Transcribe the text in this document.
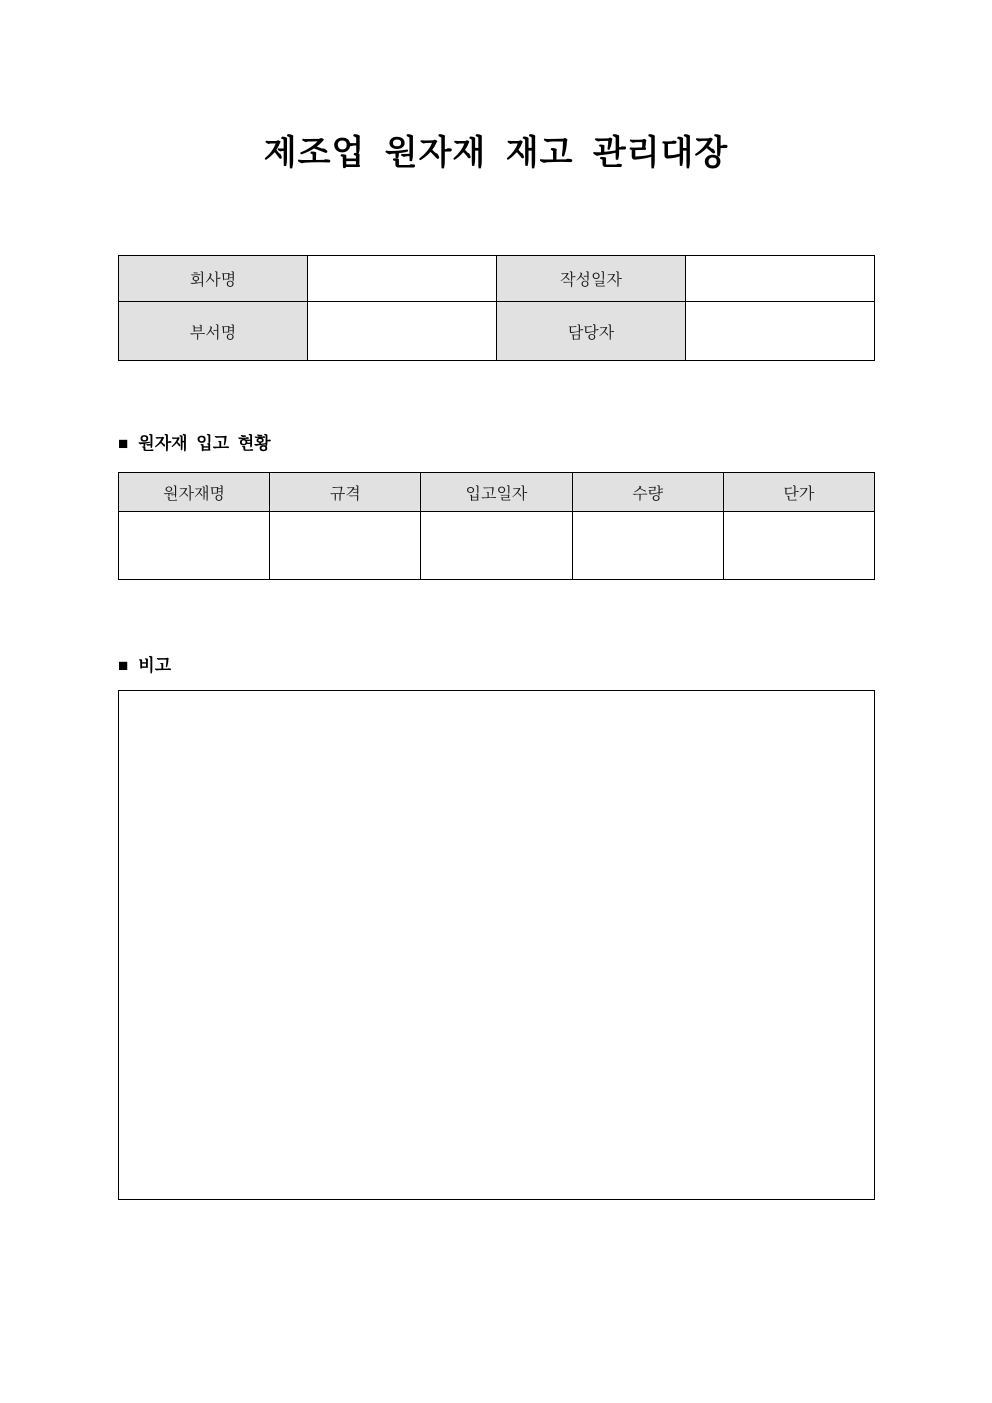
제조업 원자재 재고 관리대장
회사명		작성일자	
부서명		담당자	
■ 원자재 입고 현황
원자재명	규격	입고일자	수량	단가

■ 비고
